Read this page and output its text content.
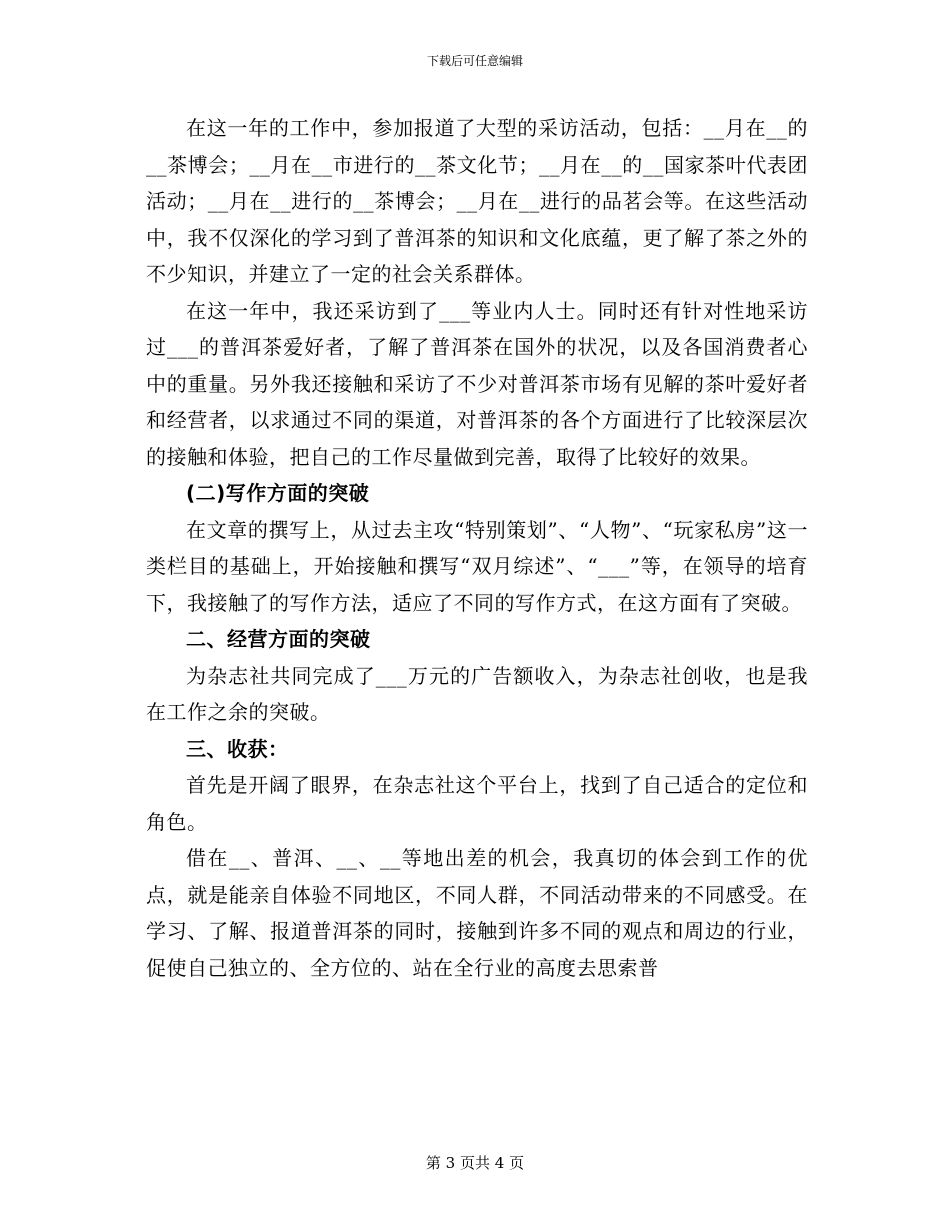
下载后可任意编辑

在这一年的工作中，参加报道了大型的采访活动，包括：__月在__的__茶博会；__月在__市进行的__茶文化节；__月在__的__国家茶叶代表团活动；__月在__进行的__茶博会；__月在__进行的品茗会等。在这些活动中，我不仅深化的学习到了普洱茶的知识和文化底蕴，更了解了茶之外的不少知识，并建立了一定的社会关系群体。

在这一年中，我还采访到了___等业内人士。同时还有针对性地采访过___的普洱茶爱好者，了解了普洱茶在国外的状况，以及各国消费者心中的重量。另外我还接触和采访了不少对普洱茶市场有见解的茶叶爱好者和经营者，以求通过不同的渠道，对普洱茶的各个方面进行了比较深层次的接触和体验，把自己的工作尽量做到完善，取得了比较好的效果。

(二)写作方面的突破

在文章的撰写上，从过去主攻“特别策划”、“人物”、“玩家私房”这一类栏目的基础上，开始接触和撰写“双月综述”、“___”等，在领导的培育下，我接触了的写作方法，适应了不同的写作方式，在这方面有了突破。

二、经营方面的突破

为杂志社共同完成了___万元的广告额收入，为杂志社创收，也是我在工作之余的突破。

三、收获：

首先是开阔了眼界，在杂志社这个平台上，找到了自己适合的定位和角色。

借在__、普洱、__、__等地出差的机会，我真切的体会到工作的优点，就是能亲自体验不同地区，不同人群，不同活动带来的不同感受。在学习、了解、报道普洱茶的同时，接触到许多不同的观点和周边的行业，促使自己独立的、全方位的、站在全行业的高度去思索普

第 3 页共 4 页
